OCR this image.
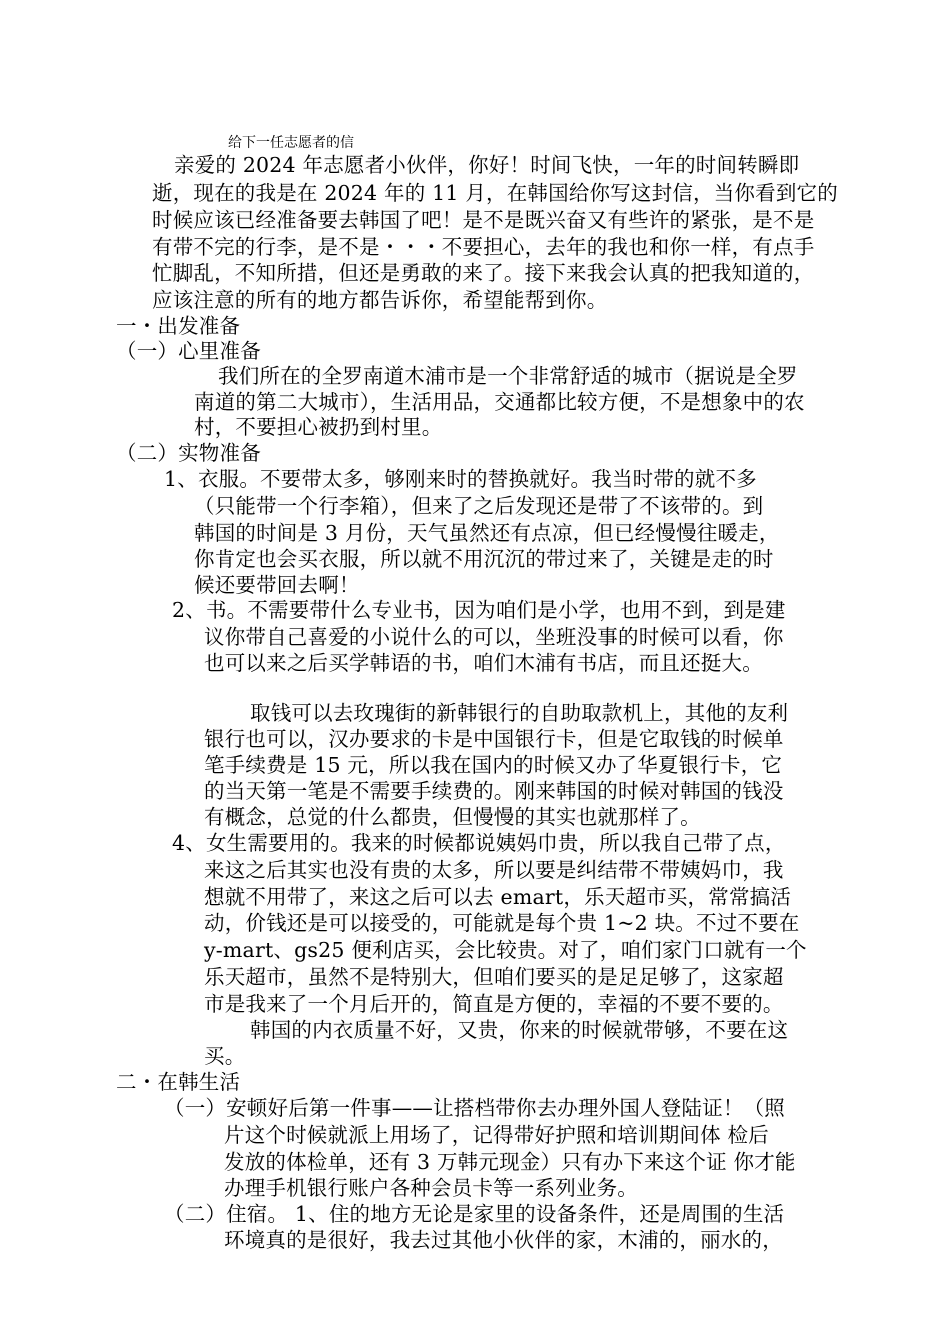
给下一任志愿者的信
亲爱的 2024 年志愿者小伙伴，你好！时间飞快，一年的时间转瞬即
逝，现在的我是在 2024 年的 11 月，在韩国给你写这封信，当你看到它的
时候应该已经准备要去韩国了吧！是不是既兴奋又有些许的紧张，是不是
有带不完的行李，是不是・・・不要担心，去年的我也和你一样，有点手
忙脚乱，不知所措，但还是勇敢的来了。接下来我会认真的把我知道的，
应该注意的所有的地方都告诉你，希望能帮到你。
一・出发准备
（一）心里准备
我们所在的全罗南道木浦市是一个非常舒适的城市（据说是全罗
南道的第二大城市），生活用品，交通都比较方便，不是想象中的农
村，不要担心被扔到村里。
（二）实物准备
1、衣服。不要带太多，够刚来时的替换就好。我当时带的就不多
（只能带一个行李箱），但来了之后发现还是带了不该带的。到
韩国的时间是 3 月份，天气虽然还有点凉，但已经慢慢往暖走，
你肯定也会买衣服，所以就不用沉沉的带过来了，关键是走的时
候还要带回去啊！
2、书。不需要带什么专业书，因为咱们是小学，也用不到，到是建
议你带自己喜爱的小说什么的可以，坐班没事的时候可以看，你
也可以来之后买学韩语的书，咱们木浦有书店，而且还挺大。
取钱可以去玫瑰街的新韩银行的自助取款机上，其他的友利
银行也可以，汉办要求的卡是中国银行卡，但是它取钱的时候单
笔手续费是 15 元，所以我在国内的时候又办了华夏银行卡，它
的当天第一笔是不需要手续费的。刚来韩国的时候对韩国的钱没
有概念，总觉的什么都贵，但慢慢的其实也就那样了。
4、女生需要用的。我来的时候都说姨妈巾贵，所以我自己带了点，
来这之后其实也没有贵的太多，所以要是纠结带不带姨妈巾，我
想就不用带了，来这之后可以去 emart，乐天超市买，常常搞活
动，价钱还是可以接受的，可能就是每个贵 1~2 块。不过不要在
y-mart、gs25 便利店买，会比较贵。对了，咱们家门口就有一个
乐天超市，虽然不是特别大，但咱们要买的是足足够了，这家超
市是我来了一个月后开的，简直是方便的，幸福的不要不要的。
韩国的内衣质量不好，又贵，你来的时候就带够，不要在这
买。
二・在韩生活
（一）安顿好后第一件事——让搭档带你去办理外国人登陆证！（照
片这个时候就派上用场了，记得带好护照和培训期间体 检后
发放的体检单，还有 3 万韩元现金）只有办下来这个证 你才能
办理手机银行账户各种会员卡等一系列业务。
（二）住宿。 1、住的地方无论是家里的设备条件，还是周围的生活
环境真的是很好，我去过其他小伙伴的家，木浦的，丽水的，
